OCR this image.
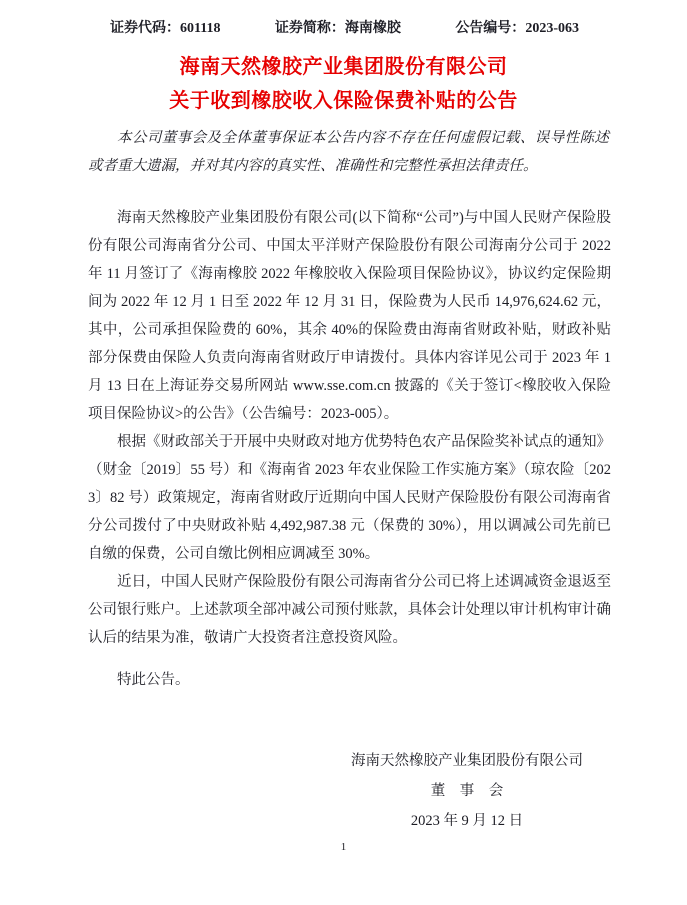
证券代码：601118	证券简称：海南橡胶	公告编号：2023-063
海南天然橡胶产业集团股份有限公司
关于收到橡胶收入保险保费补贴的公告
本公司董事会及全体董事保证本公告内容不存在任何虚假记载、误导性陈述或者重大遗漏，并对其内容的真实性、准确性和完整性承担法律责任。

海南天然橡胶产业集团股份有限公司(以下简称“公司”)与中国人民财产保险股份有限公司海南省分公司、中国太平洋财产保险股份有限公司海南分公司于 2022 年 11 月签订了《海南橡胶 2022 年橡胶收入保险项目保险协议》，协议约定保险期间为 2022 年 12 月 1 日至 2022 年 12 月 31 日，保险费为人民币 14,976,624.62 元，其中，公司承担保险费的 60%，其余 40%的保险费由海南省财政补贴，财政补贴部分保费由保险人负责向海南省财政厅申请拨付。具体内容详见公司于 2023 年 1 月 13 日在上海证券交易所网站 www.sse.com.cn 披露的《关于签订<橡胶收入保险项目保险协议>的公告》（公告编号：2023-005）。

根据《财政部关于开展中央财政对地方优势特色农产品保险奖补试点的通知》（财金〔2019〕55 号）和《海南省 2023 年农业保险工作实施方案》（琼农险〔2023〕82 号）政策规定，海南省财政厅近期向中国人民财产保险股份有限公司海南省分公司拨付了中央财政补贴 4,492,987.38 元（保费的 30%），用以调减公司先前已自缴的保费，公司自缴比例相应调减至 30%。

近日，中国人民财产保险股份有限公司海南省分公司已将上述调减资金退返至公司银行账户。上述款项全部冲减公司预付账款，具体会计处理以审计机构审计确认后的结果为准，敬请广大投资者注意投资风险。

特此公告。
海南天然橡胶产业集团股份有限公司
董　事　会
2023 年 9 月 12 日
1
